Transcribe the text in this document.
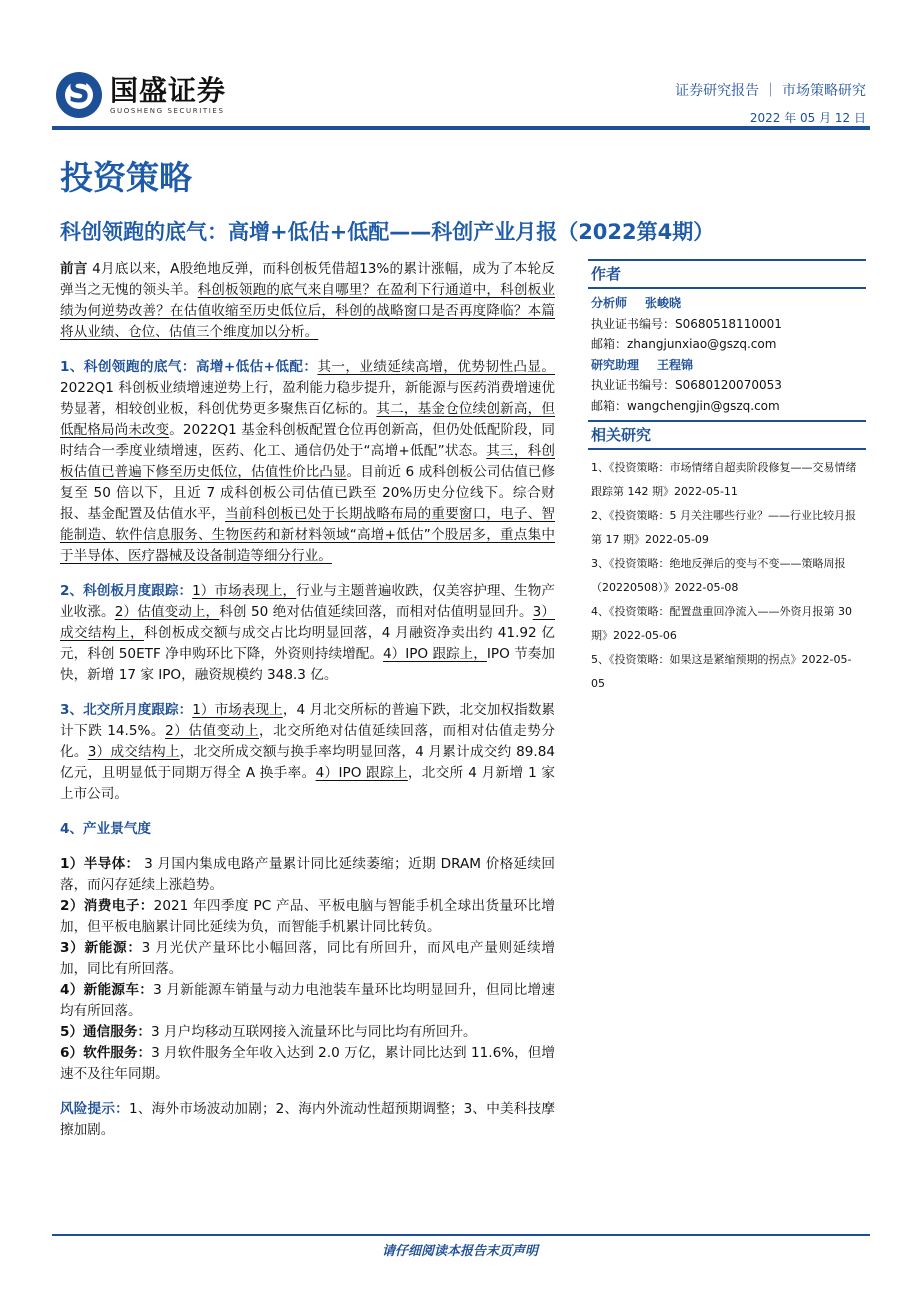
S
国盛证券
GUOSHENG SECURITIES
证券研究报告 ｜ 市场策略研究
2022 年 05 月 12 日
投资策略
科创领跑的底气：高增+低估+低配——科创产业月报（2022第4期）

前言 4月底以来，A股绝地反弹，而科创板凭借超13%的累计涨幅，成为了本轮反弹当之无愧的领头羊。科创板领跑的底气来自哪里？在盈利下行通道中，科创板业绩为何逆势改善？在估值收缩至历史低位后，科创的战略窗口是否再度降临？本篇将从业绩、仓位、估值三个维度加以分析。

1、科创领跑的底气：高增+低估+低配：其一，业绩延续高增，优势韧性凸显。2022Q1 科创板业绩增速逆势上行，盈利能力稳步提升，新能源与医药消费增速优势显著，相较创业板，科创优势更多聚焦百亿标的。其二，基金仓位续创新高，但低配格局尚未改变。2022Q1 基金科创板配置仓位再创新高，但仍处低配阶段，同时结合一季度业绩增速，医药、化工、通信仍处于“高增+低配”状态。其三，科创板估值已普遍下修至历史低位，估值性价比凸显。目前近 6 成科创板公司估值已修复至 50 倍以下，且近 7 成科创板公司估值已跌至 20%历史分位线下。综合财报、基金配置及估值水平，当前科创板已处于长期战略布局的重要窗口，电子、智能制造、软件信息服务、生物医药和新材料领域“高增+低估”个股居多，重点集中于半导体、医疗器械及设备制造等细分行业。

2、科创板月度跟踪：1）市场表现上，行业与主题普遍收跌，仅美容护理、生物产业收涨。2）估值变动上，科创 50 绝对估值延续回落，而相对估值明显回升。3）成交结构上，科创板成交额与成交占比均明显回落，4 月融资净卖出约 41.92 亿元，科创 50ETF 净申购环比下降，外资则持续增配。4）IPO 跟踪上，IPO 节奏加快，新增 17 家 IPO，融资规模约 348.3 亿。

3、北交所月度跟踪：1）市场表现上，4 月北交所标的普遍下跌，北交加权指数累计下跌 14.5%。2）估值变动上，北交所绝对估值延续回落，而相对估值走势分化。3）成交结构上，北交所成交额与换手率均明显回落，4 月累计成交约 89.84 亿元，且明显低于同期万得全 A 换手率。4）IPO 跟踪上，北交所 4 月新增 1 家上市公司。

4、产业景气度

1）半导体： 3 月国内集成电路产量累计同比延续萎缩；近期 DRAM 价格延续回落，而闪存延续上涨趋势。

2）消费电子：2021 年四季度 PC 产品、平板电脑与智能手机全球出货量环比增加，但平板电脑累计同比延续为负，而智能手机累计同比转负。

3）新能源：3 月光伏产量环比小幅回落，同比有所回升，而风电产量则延续增加，同比有所回落。

4）新能源车：3 月新能源车销量与动力电池装车量环比均明显回升，但同比增速均有所回落。

5）通信服务：3 月户均移动互联网接入流量环比与同比均有所回升。

6）软件服务：3 月软件服务全年收入达到 2.0 万亿，累计同比达到 11.6%，但增速不及往年同期。

风险提示：1、海外市场波动加剧；2、海内外流动性超预期调整；3、中美科技摩擦加剧。

作者
分析师 张峻晓
执业证书编号：S0680518110001
邮箱：zhangjunxiao@gszq.com
研究助理 王程锦
执业证书编号：S0680120070053
邮箱：wangchengjin@gszq.com
相关研究
1、《投资策略：市场情绪自超卖阶段修复——交易情绪跟踪第 142 期》2022-05-11
2、《投资策略：5 月关注哪些行业？——行业比较月报第 17 期》2022-05-09
3、《投资策略：绝地反弹后的变与不变——策略周报（20220508）》2022-05-08
4、《投资策略：配置盘重回净流入——外资月报第 30 期》2022-05-06
5、《投资策略：如果这是紧缩预期的拐点》2022-05-05
请仔细阅读本报告末页声明
